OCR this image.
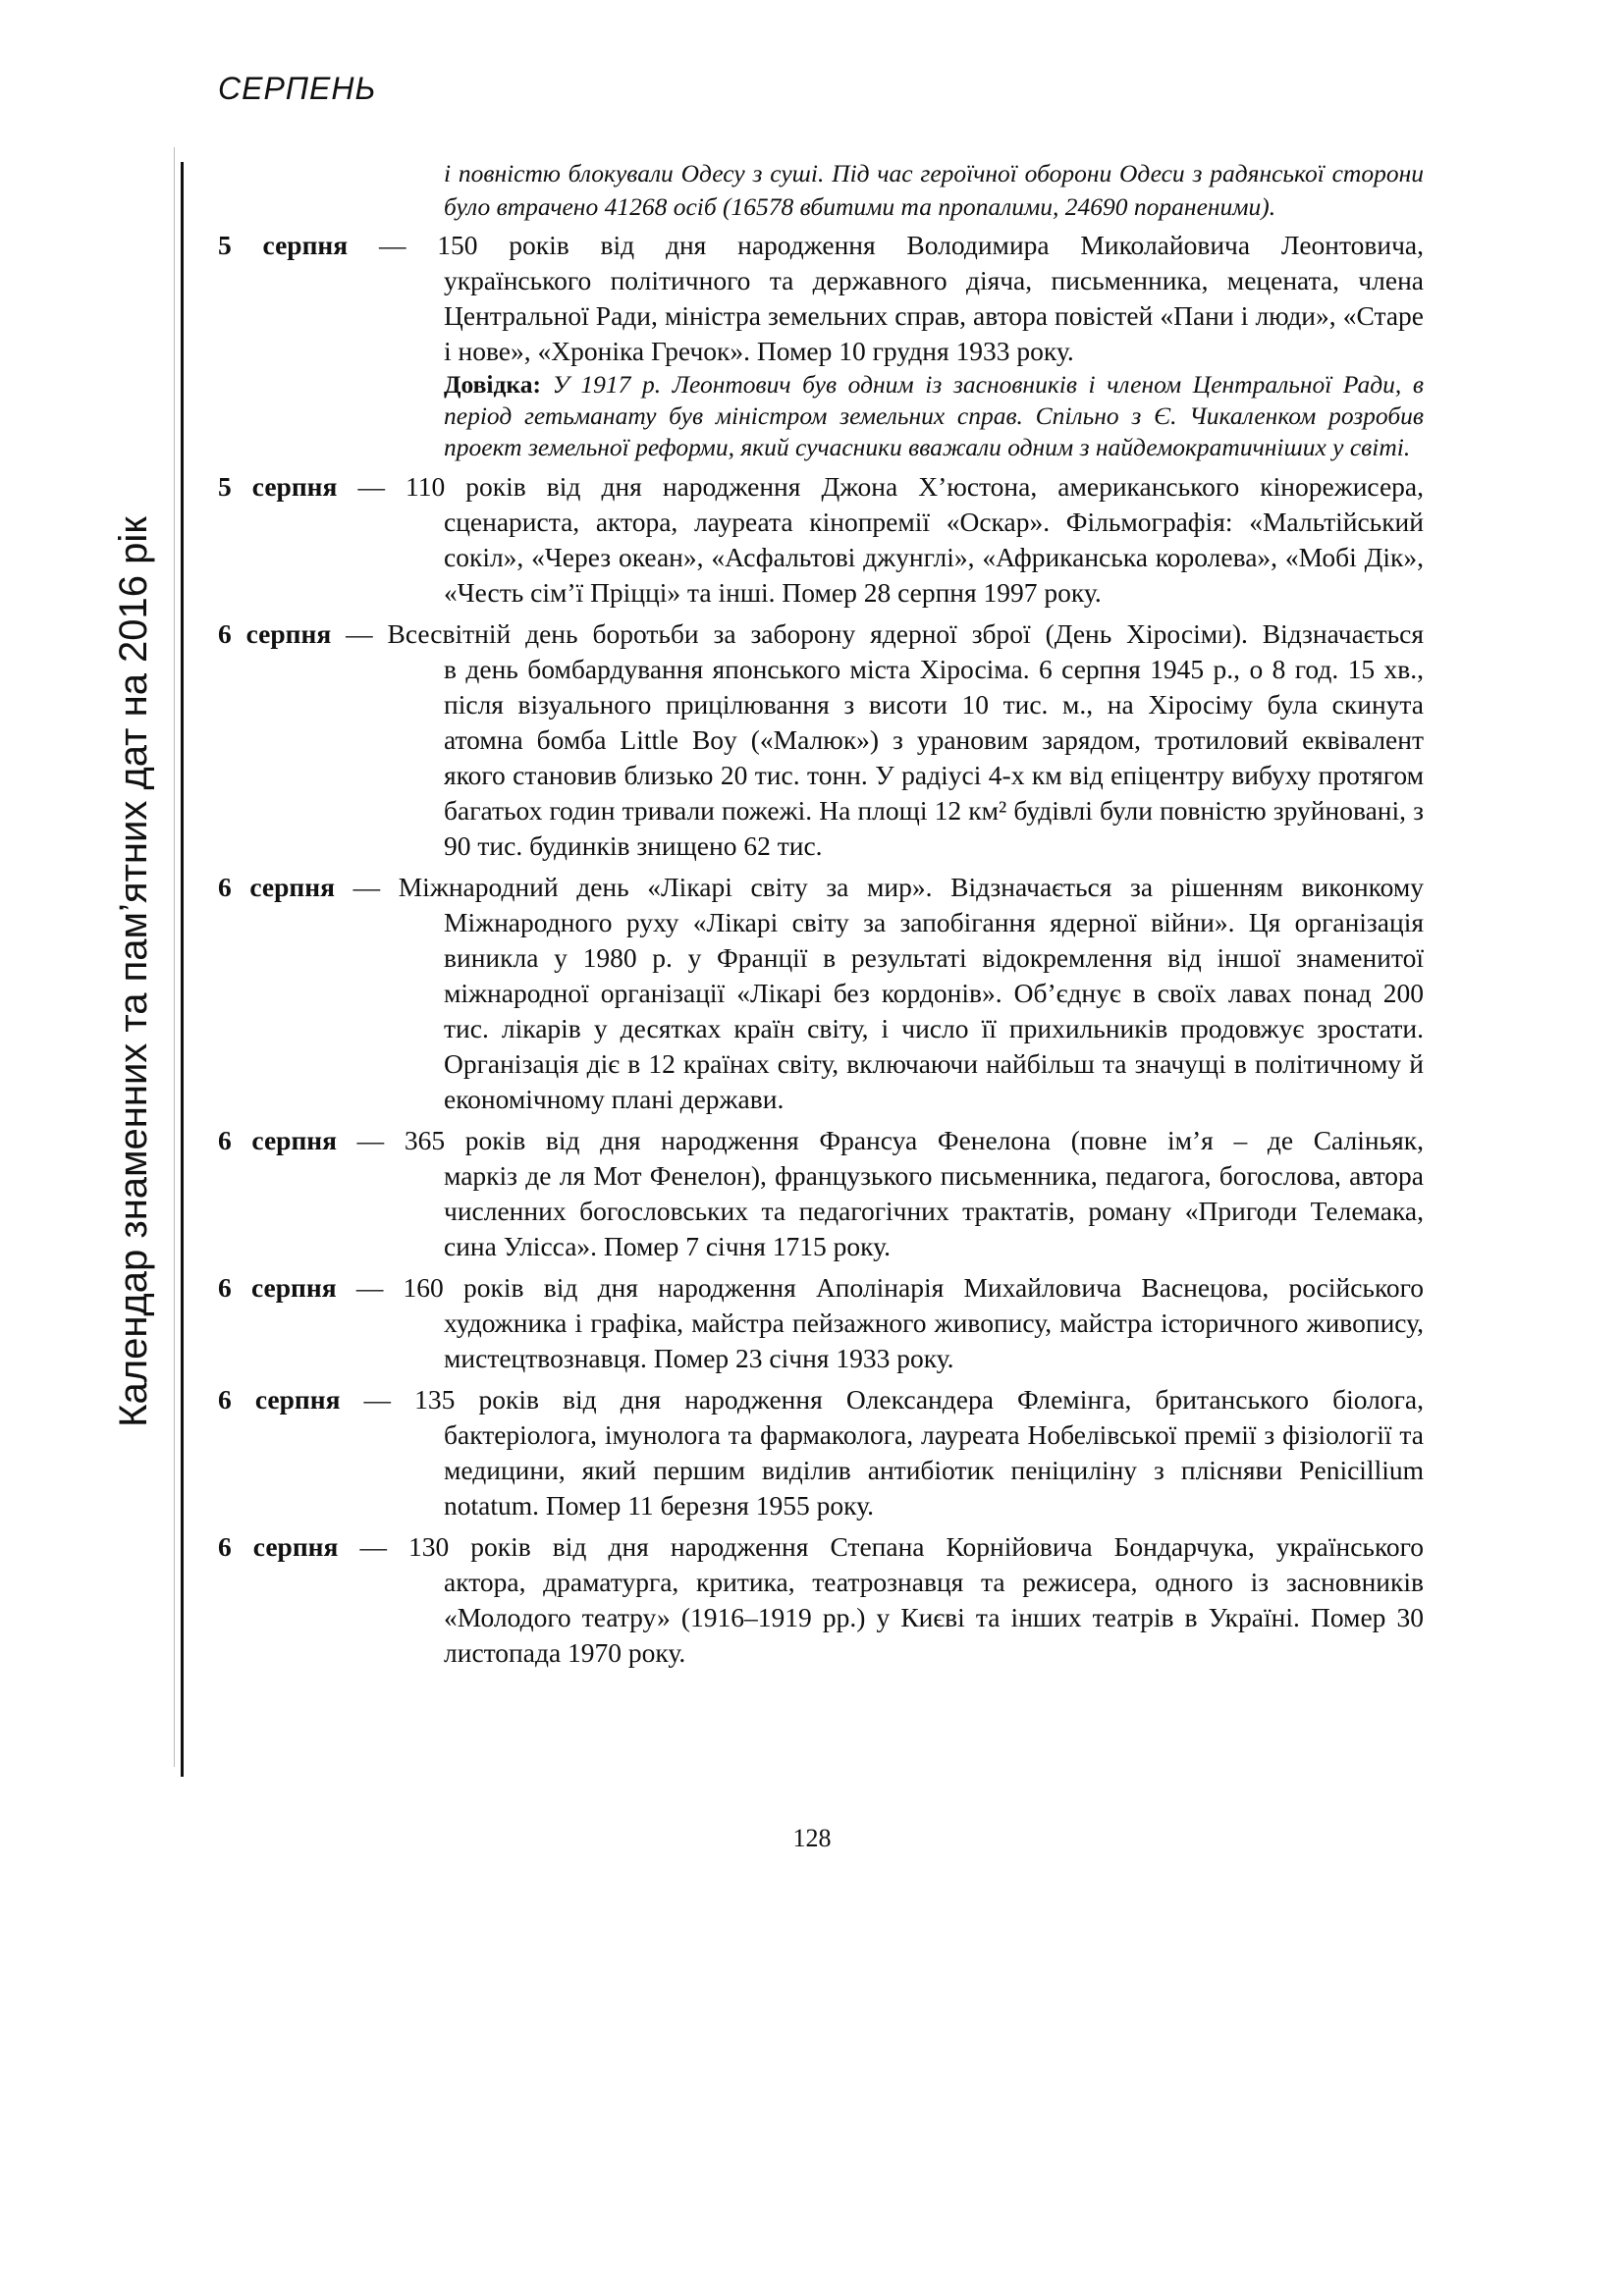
СЕРПЕНЬ
Календар знаменних та пам’ятних дат на 2016 рік
і повністю блокували Одесу з суші. Під час героїчної оборони Одеси з радянської сторони було втрачено 41268 осіб (16578 вбитими та пропалими, 24690 пораненими).
5 серпня — 150 років від дня народження Володимира Миколайовича Леонтовича,
українського політичного та державного діяча, письменника, мецената, члена Центральної Ради, міністра земельних справ, автора повістей «Пани і люди», «Старе і нове», «Хроніка Гречок». Помер 10 грудня 1933 року.
Довідка: У 1917 р. Леонтович був одним із засновників і членом Центральної Ради, в період гетьманату був міністром земельних справ. Спільно з Є. Чикаленком розробив проект земельної реформи, який сучасники вважали одним з найдемократичніших у світі.
5 серпня — 110 років від дня народження Джона Х’юстона, американського кінорежисера,
сценариста, актора, лауреата кінопремії «Оскар». Фільмографія: «Мальтійський сокіл», «Через океан», «Асфальтові джунглі», «Африканська королева», «Мобі Дік», «Честь сім’ї Пріцці» та інші. Помер 28 серпня 1997 року.
6 серпня — Всесвітній день боротьби за заборону ядерної зброї (День Хіросіми). Відзначається
в день бомбардування японського міста Хіросіма. 6 серпня 1945 р., о 8 год. 15 хв., після візуального прицілювання з висоти 10 тис. м., на Хіросіму була скинута атомна бомба Little Boy («Малюк») з урановим зарядом, тротиловий еквівалент якого становив близько 20 тис. тонн. У радіусі 4-х км від епіцентру вибуху протягом багатьох годин тривали пожежі. На площі 12 км² будівлі були повністю зруйновані, з 90 тис. будинків знищено 62 тис.
6 серпня — Міжнародний день «Лікарі світу за мир». Відзначається за рішенням виконкому
Міжнародного руху «Лікарі світу за запобігання ядерної війни». Ця організація виникла у 1980 р. у Франції в результаті відокремлення від іншої знаменитої міжнародної організації «Лікарі без кордонів». Об’єднує в своїх лавах понад 200 тис. лікарів у десятках країн світу, і число її прихильників продовжує зростати. Організація діє в 12 країнах світу, включаючи найбільш та значущі в політичному й економічному плані держави.
6 серпня — 365 років від дня народження Франсуа Фенелона (повне ім’я – де Саліньяк,
маркіз де ля Мот Фенелон), французького письменника, педагога, богослова, автора численних богословських та педагогічних трактатів, роману «Пригоди Телемака, сина Улісса». Помер 7 січня 1715 року.
6 серпня — 160 років від дня народження Аполінарія Михайловича Васнецова, російського
художника і графіка, майстра пейзажного живопису, майстра історичного живопису, мистецтвознавця. Помер 23 січня 1933 року.
6 серпня — 135 років від дня народження Олександера Флемінга, британського біолога,
бактеріолога, імунолога та фармаколога, лауреата Нобелівської премії з фізіології та медицини, який першим виділив антибіотик пеніциліну з плісняви Penicillium notatum. Помер 11 березня 1955 року.
6 серпня — 130 років від дня народження Степана Корнійовича Бондарчука, українського
актора, драматурга, критика, театрознавця та режисера, одного із засновників «Молодого театру» (1916–1919 рр.) у Києві та інших театрів в Україні. Помер 30 листопада 1970 року.
128
